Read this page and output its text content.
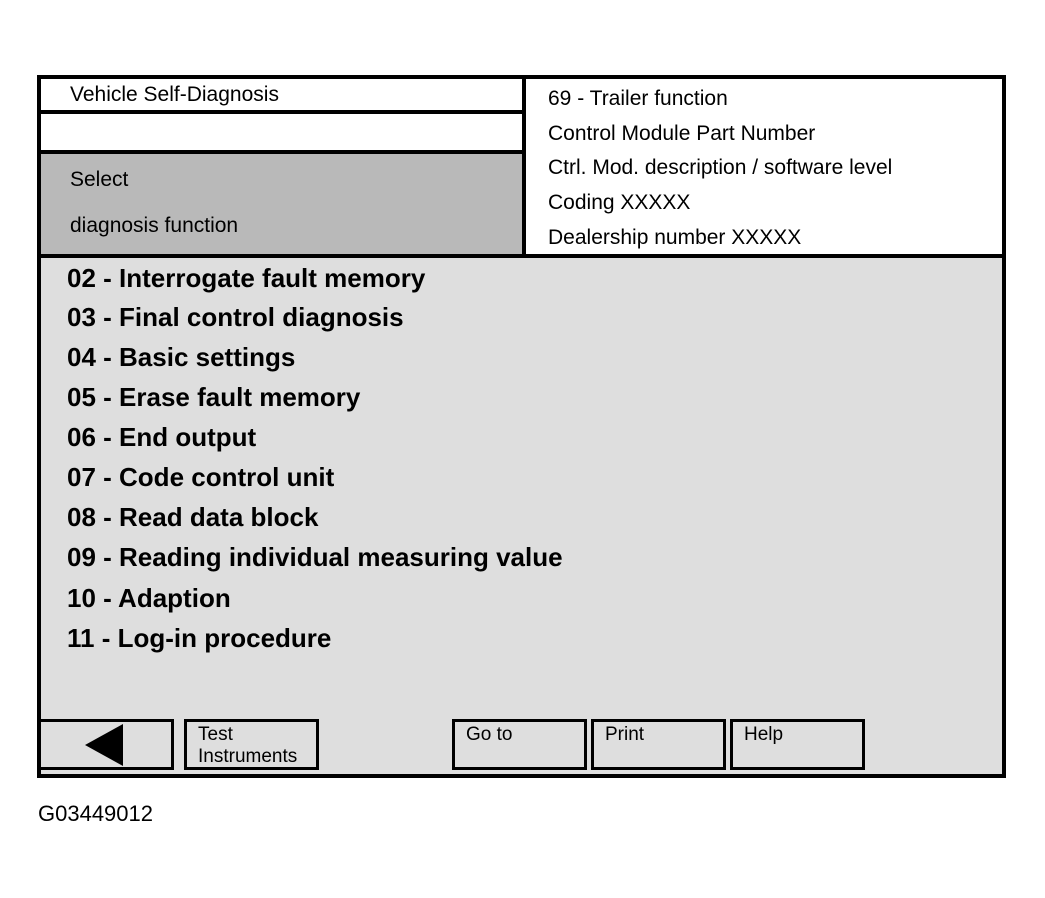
Vehicle Self-Diagnosis
Select
diagnosis function
69 - Trailer function
Control Module Part Number
Ctrl. Mod. description / software level
Coding XXXXX
Dealership number XXXXX
02 - Interrogate fault memory
03 - Final control diagnosis
04 - Basic settings
05 - Erase fault memory
06 - End output
07 - Code control unit
08 - Read data block
09 - Reading individual measuring value
10 - Adaption
11 - Log-in procedure
Test
Instruments
Go to	Print	Help
G03449012
